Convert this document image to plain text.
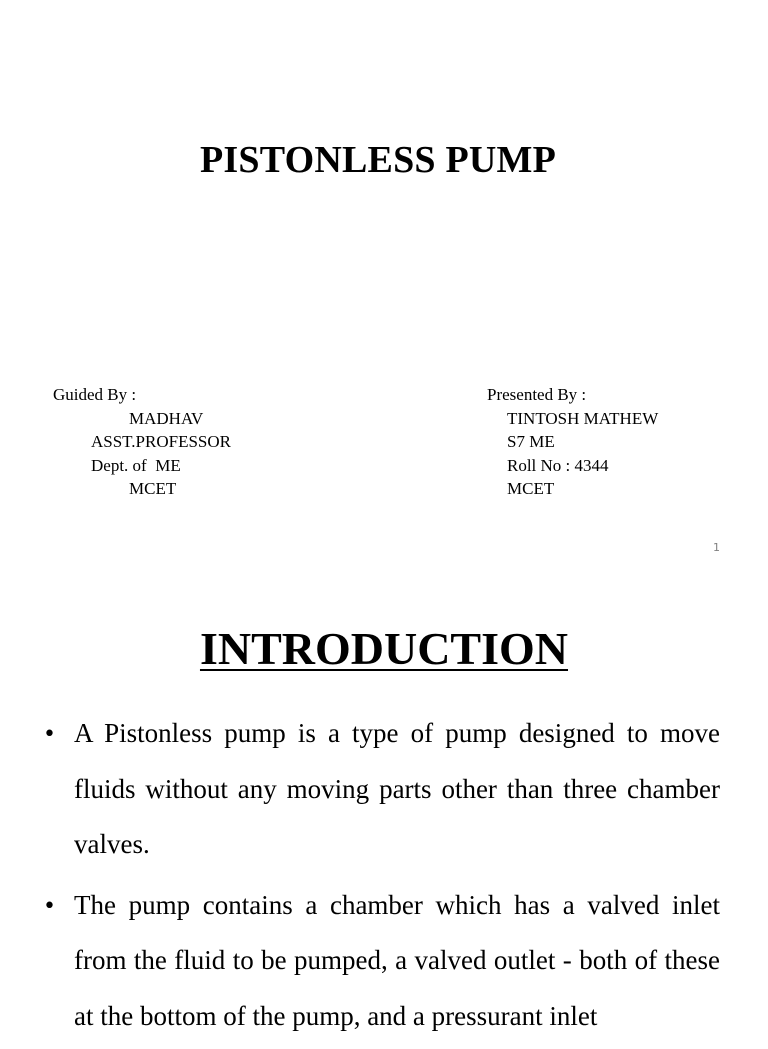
PISTONLESS PUMP
Guided By :
MADHAV
ASST.PROFESSOR
Dept. of  ME
MCET
Presented By :
TINTOSH MATHEW
S7 ME
Roll No : 4344
MCET
1
INTRODUCTION
• A Pistonless pump is a type of pump designed to move fluids without any moving parts other than three chamber valves.
• The pump contains a chamber which has a valved inlet from the fluid to be pumped, a valved outlet - both of these at the bottom of the pump, and a pressurant inlet
